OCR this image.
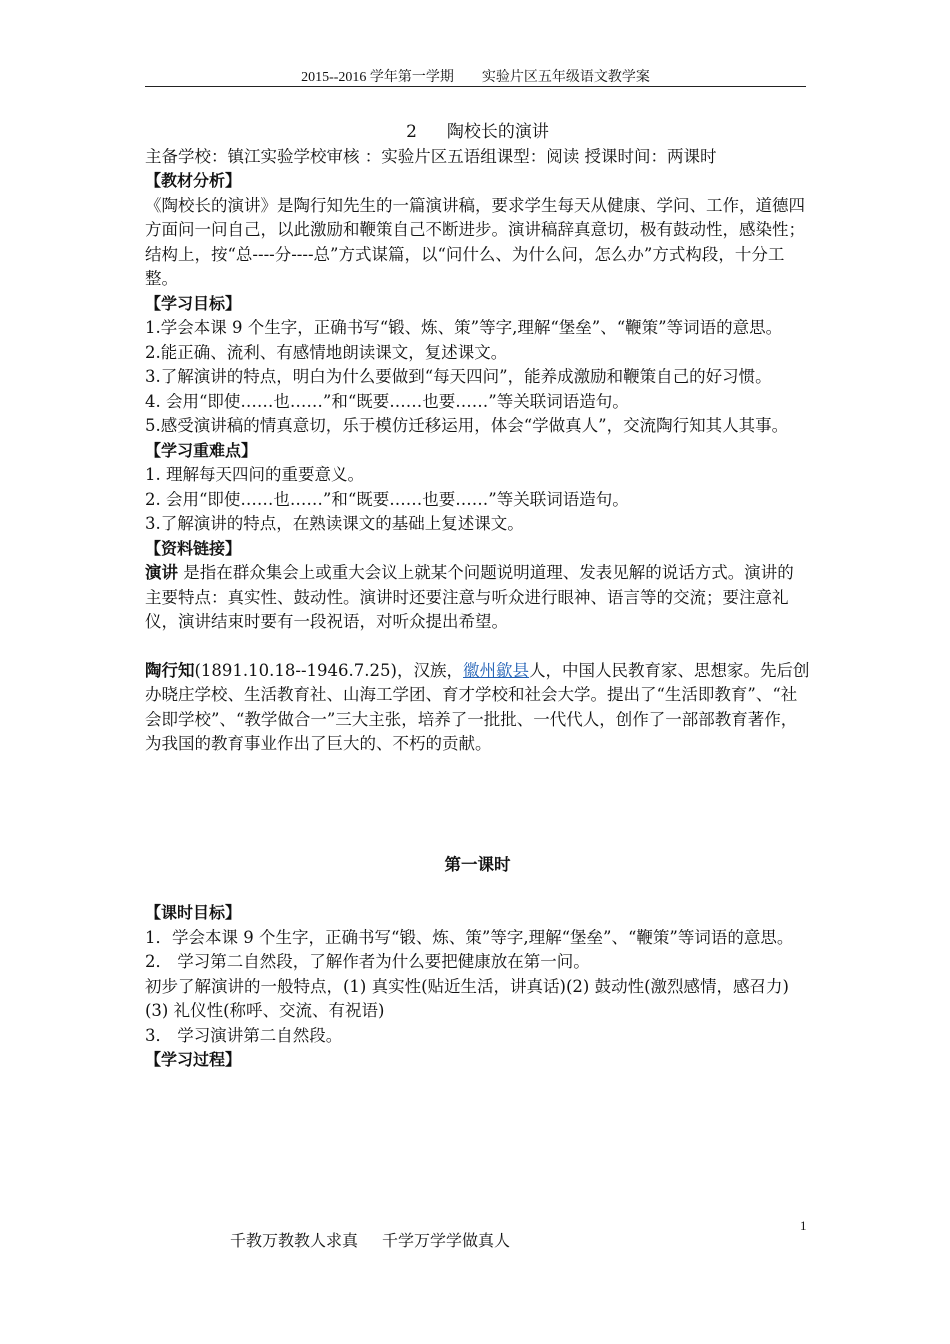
2015--2016 学年第一学期 实验片区五年级语文教学案

2 陶校长的演讲

主备学校：镇江实验学校审核 ：实验片区五语组课型：阅读 授课时间：两课时

【教材分析】

《陶校长的演讲》是陶行知先生的一篇演讲稿，要求学生每天从健康、学问、工作，道德四方面问一问自己，以此激励和鞭策自己不断进步。演讲稿辞真意切，极有鼓动性，感染性；结构上，按“总----分----总”方式谋篇，以“问什么、为什么问，怎么办”方式构段，十分工整。

【学习目标】

1.学会本课 9 个生字，正确书写“锻、炼、策”等字,理解“堡垒”、“鞭策”等词语的意思。

2.能正确、流利、有感情地朗读课文，复述课文。

3.了解演讲的特点，明白为什么要做到“每天四问”，能养成激励和鞭策自己的好习惯。

4. 会用“即使……也……”和“既要……也要……”等关联词语造句。

5.感受演讲稿的情真意切，乐于模仿迁移运用，体会“学做真人”，交流陶行知其人其事。

【学习重难点】

1. 理解每天四问的重要意义。

2. 会用“即使……也……”和“既要……也要……”等关联词语造句。

3.了解演讲的特点，在熟读课文的基础上复述课文。

【资料链接】

演讲 是指在群众集会上或重大会议上就某个问题说明道理、发表见解的说话方式。演讲的主要特点：真实性、鼓动性。演讲时还要注意与听众进行眼神、语言等的交流；要注意礼仪，演讲结束时要有一段祝语，对听众提出希望。

陶行知(1891.10.18--1946.7.25)，汉族，徽州歙县人，中国人民教育家、思想家。先后创办晓庄学校、生活教育社、山海工学团、育才学校和社会大学。提出了“生活即教育”、“社会即学校”、“教学做合一”三大主张，培养了一批批、一代代人，创作了一部部教育著作，为我国的教育事业作出了巨大的、不朽的贡献。

第一课时

【课时目标】

1．学会本课 9 个生字，正确书写“锻、炼、策”等字,理解“堡垒”、“鞭策”等词语的意思。

2． 学习第二自然段，了解作者为什么要把健康放在第一问。

初步了解演讲的一般特点，(1) 真实性(贴近生活，讲真话)(2) 鼓动性(激烈感情，感召力) (3) 礼仪性(称呼、交流、有祝语)

3． 学习演讲第二自然段。

【学习过程】

千教万教教人求真 千学万学学做真人
1
